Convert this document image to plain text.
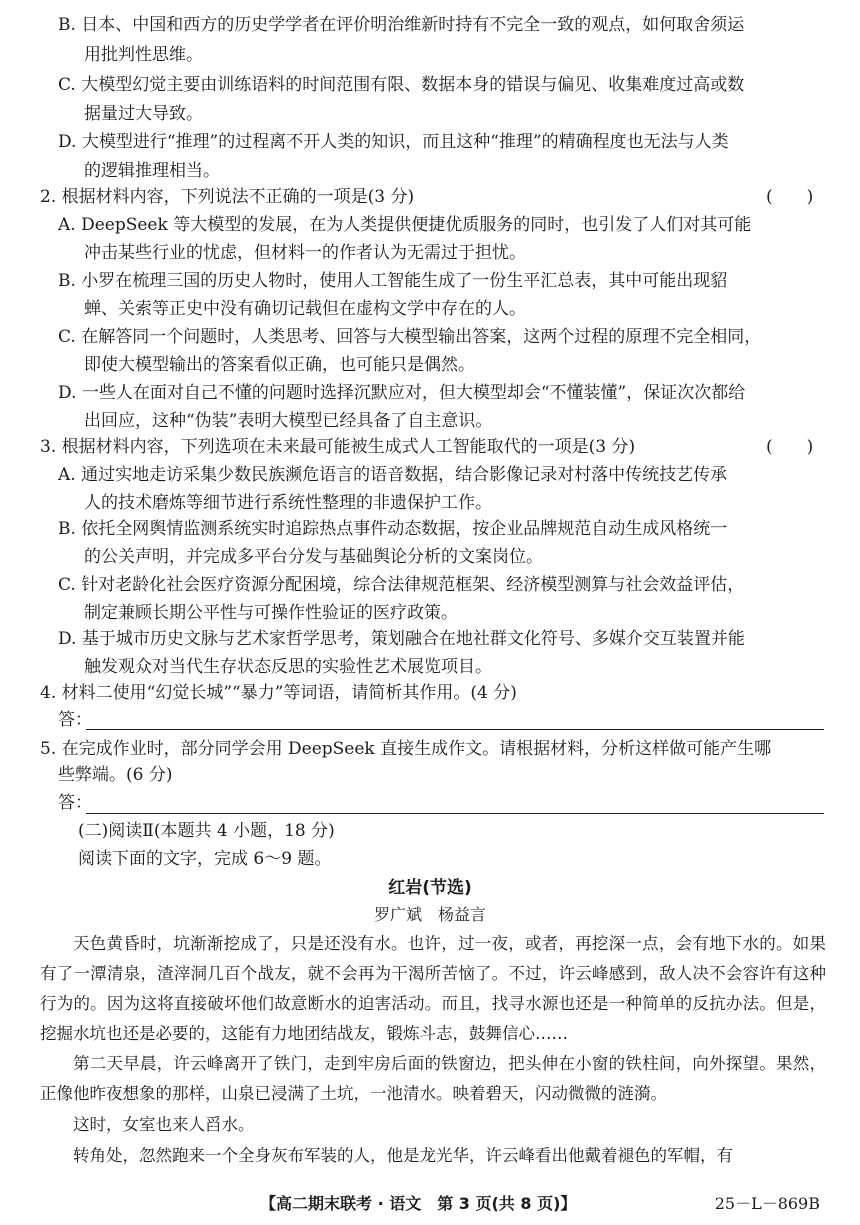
B. 日本、中国和西方的历史学学者在评价明治维新时持有不完全一致的观点，如何取舍须运
用批判性思维。
C. 大模型幻觉主要由训练语料的时间范围有限、数据本身的错误与偏见、收集难度过高或数
据量过大导致。
D. 大模型进行“推理”的过程离不开人类的知识，而且这种“推理”的精确程度也无法与人类
的逻辑推理相当。
2. 根据材料内容，下列说法不正确的一项是(3 分)	(　　)
A. DeepSeek 等大模型的发展，在为人类提供便捷优质服务的同时，也引发了人们对其可能
冲击某些行业的忧虑，但材料一的作者认为无需过于担忧。
B. 小罗在梳理三国的历史人物时，使用人工智能生成了一份生平汇总表，其中可能出现貂
蝉、关索等正史中没有确切记载但在虚构文学中存在的人。
C. 在解答同一个问题时，人类思考、回答与大模型输出答案，这两个过程的原理不完全相同，
即使大模型输出的答案看似正确，也可能只是偶然。
D. 一些人在面对自己不懂的问题时选择沉默应对，但大模型却会“不懂装懂”，保证次次都给
出回应，这种“伪装”表明大模型已经具备了自主意识。
3. 根据材料内容，下列选项在未来最可能被生成式人工智能取代的一项是(3 分)	(　　)
A. 通过实地走访采集少数民族濒危语言的语音数据，结合影像记录对村落中传统技艺传承
人的技术磨炼等细节进行系统性整理的非遗保护工作。
B. 依托全网舆情监测系统实时追踪热点事件动态数据，按企业品牌规范自动生成风格统一
的公关声明，并完成多平台分发与基础舆论分析的文案岗位。
C. 针对老龄化社会医疗资源分配困境，综合法律规范框架、经济模型测算与社会效益评估，
制定兼顾长期公平性与可操作性验证的医疗政策。
D. 基于城市历史文脉与艺术家哲学思考，策划融合在地社群文化符号、多媒介交互装置并能
触发观众对当代生存状态反思的实验性艺术展览项目。
4. 材料二使用“幻觉长城”“暴力”等词语，请简析其作用。(4 分)
答：
5. 在完成作业时，部分同学会用 DeepSeek 直接生成作文。请根据材料，分析这样做可能产生哪
些弊端。(6 分)
答：
(二)阅读Ⅱ(本题共 4 小题，18 分)
阅读下面的文字，完成 6～9 题。
红岩(节选)
罗广斌　杨益言
天色黄昏时，坑渐渐挖成了，只是还没有水。也许，过一夜，或者，再挖深一点，会有地下水的。如果有了一潭清泉，渣滓洞几百个战友，就不会再为干渴所苦恼了。不过，许云峰感到，敌人决不会容许有这种行为的。因为这将直接破坏他们故意断水的迫害活动。而且，找寻水源也还是一种简单的反抗办法。但是，挖掘水坑也还是必要的，这能有力地团结战友，锻炼斗志，鼓舞信心……
第二天早晨，许云峰离开了铁门，走到牢房后面的铁窗边，把头伸在小窗的铁柱间，向外探望。果然，正像他昨夜想象的那样，山泉已浸满了土坑，一池清水。映着碧天，闪动微微的涟漪。
这时，女室也来人舀水。
转角处，忽然跑来一个全身灰布军装的人，他是龙光华，许云峰看出他戴着褪色的军帽，有
【高二期末联考 · 语文　第 3 页(共 8 页)】	25－L－869B
